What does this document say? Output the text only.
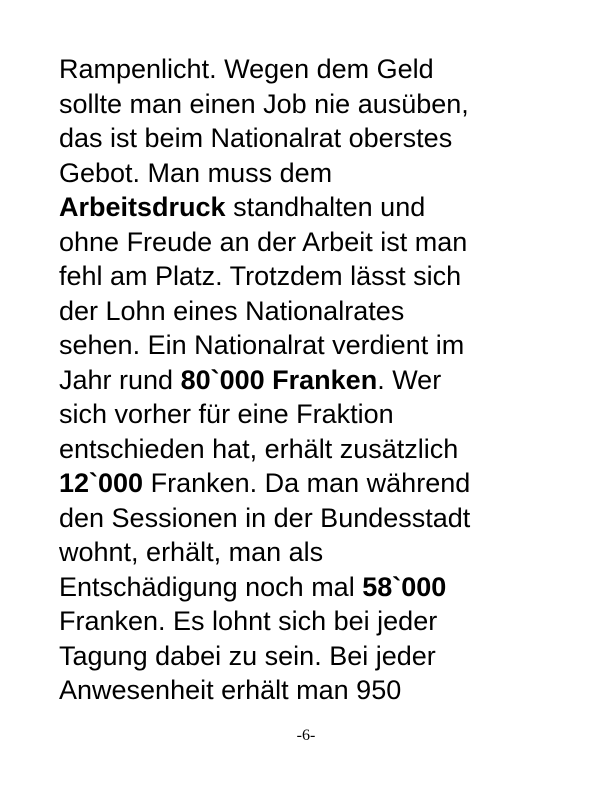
Rampenlicht. Wegen dem Geld
sollte man einen Job nie ausüben,
das ist beim Nationalrat oberstes
Gebot. Man muss dem
Arbeitsdruck standhalten und
ohne Freude an der Arbeit ist man
fehl am Platz. Trotzdem lässt sich
der Lohn eines Nationalrates
sehen. Ein Nationalrat verdient im
Jahr rund 80`000 Franken. Wer
sich vorher für eine Fraktion
entschieden hat, erhält zusätzlich
12`000 Franken. Da man während
den Sessionen in der Bundesstadt
wohnt, erhält, man als
Entschädigung noch mal 58`000
Franken. Es lohnt sich bei jeder
Tagung dabei zu sein. Bei jeder
Anwesenheit erhält man 950

-6-
